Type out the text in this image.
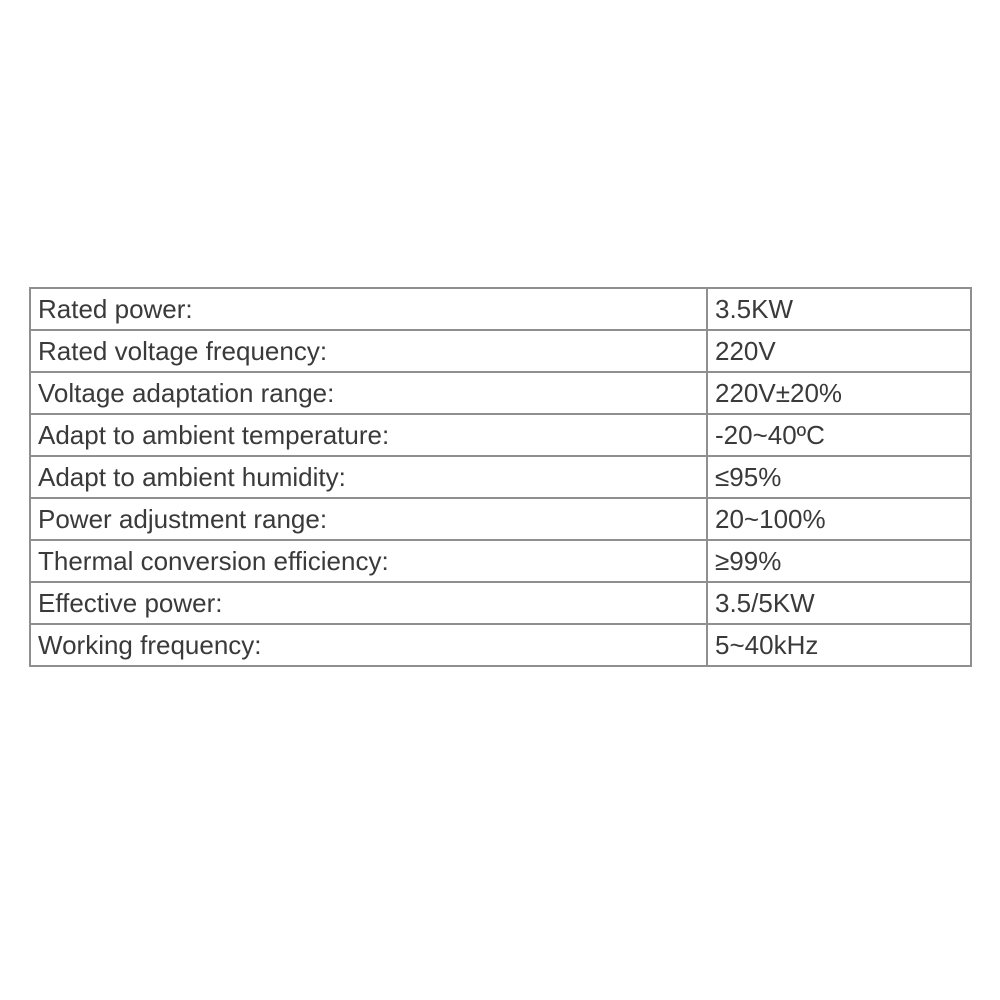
Rated power:	3.5KW
Rated voltage frequency:	220V
Voltage adaptation range:	220V±20%
Adapt to ambient temperature:	-20~40ºC
Adapt to ambient humidity:	≤95%
Power adjustment range:	20~100%
Thermal conversion efficiency:	≥99%
Effective power:	3.5/5KW
Working frequency:	5~40kHz
